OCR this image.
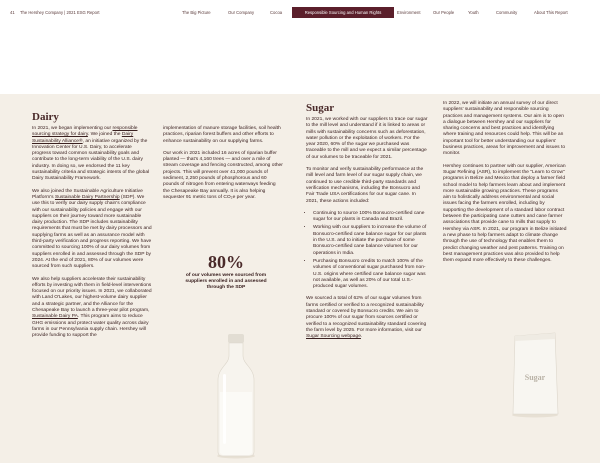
41 The Hershey Company | 2021 ESG Report	The Big Picture	Our Company	Cocoa	Responsible Sourcing and Human Rights	Environment	Our People	Youth	Community	About This Report
Dairy

In 2021, we began implementing our responsible sourcing strategy for dairy. We joined the Dairy Sustainability Alliance®, an initiative organized by the Innovation Center for U.S. Dairy, to accelerate progress toward common sustainability goals and contribute to the long-term viability of the U.S. dairy industry. In doing so, we endorsed the 11 key sustainability criteria and strategic intents of the global Dairy Sustainability Framework.

We also joined the Sustainable Agriculture Initiative Platform's Sustainable Dairy Partnership (SDP). We use this to verify our dairy supply chain's compliance with our sustainability policies and engage with our suppliers on their journey toward more sustainable dairy production. The SDP includes sustainability requirements that must be met by dairy processors and supplying farms as well as an assurance model with third-party verification and progress reporting. We have committed to sourcing 100% of our dairy volumes from suppliers enrolled in and assessed through the SDP by 2024. At the end of 2021, 80% of our volumes were sourced from such suppliers.

We also help suppliers accelerate their sustainability efforts by investing with them in field-level interventions focused on our priority issues. In 2021, we collaborated with Land O'Lakes, our highest-volume dairy supplier and a strategic partner, and the Alliance for the Chesapeake Bay to launch a three-year pilot program, Sustainable Dairy PA. This program aims to reduce GHG emissions and protect water quality across dairy farms in our Pennsylvania supply chain. Hershey will provide funding to support the

implementation of manure storage facilities, soil health practices, riparian forest buffers and other efforts to enhance sustainability on our supplying farms.

Our work in 2021 included 16 acres of riparian buffer planted — that's 4,160 trees — and over a mile of stream coverage and fencing constructed, among other projects. This will prevent over 41,000 pounds of sediment, 2,250 pounds of phosphorous and 60 pounds of nitrogen from entering waterways feeding the Chesapeake Bay annually. It is also helping sequester 91 metric tons of CO₂e per year.

80%
of our volumes were sourced from suppliers enrolled in and assessed through the SDP
Sugar

In 2021, we worked with our suppliers to trace our sugar to the mill level and understand if it is linked to areas or mills with sustainability concerns such as deforestation, water pollution or the exploitation of workers. For the year 2020, 60% of the sugar we purchased was traceable to the mill and we expect a similar percentage of our volumes to be traceable for 2021.

To monitor and verify sustainability performance at the mill level and farm level of our sugar supply chain, we continued to use credible third-party standards and verification mechanisms, including the Bonsucro and Fair Trade USA certifications for our sugar cane. In 2021, these actions included:

• Continuing to source 100% Bonsucro-certified cane sugar for our plants in Canada and Brazil.
• Working with our suppliers to increase the volume of Bonsucro-certified cane balance sugar for our plants in the U.S. and to initiate the purchase of some Bonsucro-certified cane balance volumes for our operations in India.
• Purchasing Bonsucro credits to match 100% of the volumes of conventional sugar purchased from non-U.S. origins where certified cane balance sugar was not available, as well as 20% of our total U.S.-produced sugar volumes.

We sourced a total of 62% of our sugar volumes from farms certified or verified to a recognized sustainability standard or covered by Bonsucro credits. We aim to procure 100% of our sugar from sources certified or verified to a recognized sustainability standard covering the farm level by 2025. For more information, visit our Sugar Sourcing webpage.

In 2022, we will initiate an annual survey of our direct suppliers' sustainability and responsible sourcing practices and management systems. Our aim is to open a dialogue between Hershey and our suppliers for sharing concerns and best practices and identifying where training and resources could help. This will be an important tool for better understanding our suppliers' business practices, areas for improvement and issues to monitor.

Hershey continues to partner with our supplier, American Sugar Refining (ASR), to implement the "Learn to Grow" programs in Belize and Mexico that deploy a farmer field school model to help farmers learn about and implement more sustainable growing practices. These programs aim to holistically address environmental and social issues facing the farmers enrolled, including by supporting the development of a standard labor contract between the participating cane cutters and cane farmer associations that provide cane to mills that supply to Hershey via ASR. In 2021, our program in Belize initiated a new phase to help farmers adapt to climate change through the use of technology that enables them to predict changing weather and pest patterns. Training on best management practices was also provided to help them expand more effectively to these challenges.

Sugar
